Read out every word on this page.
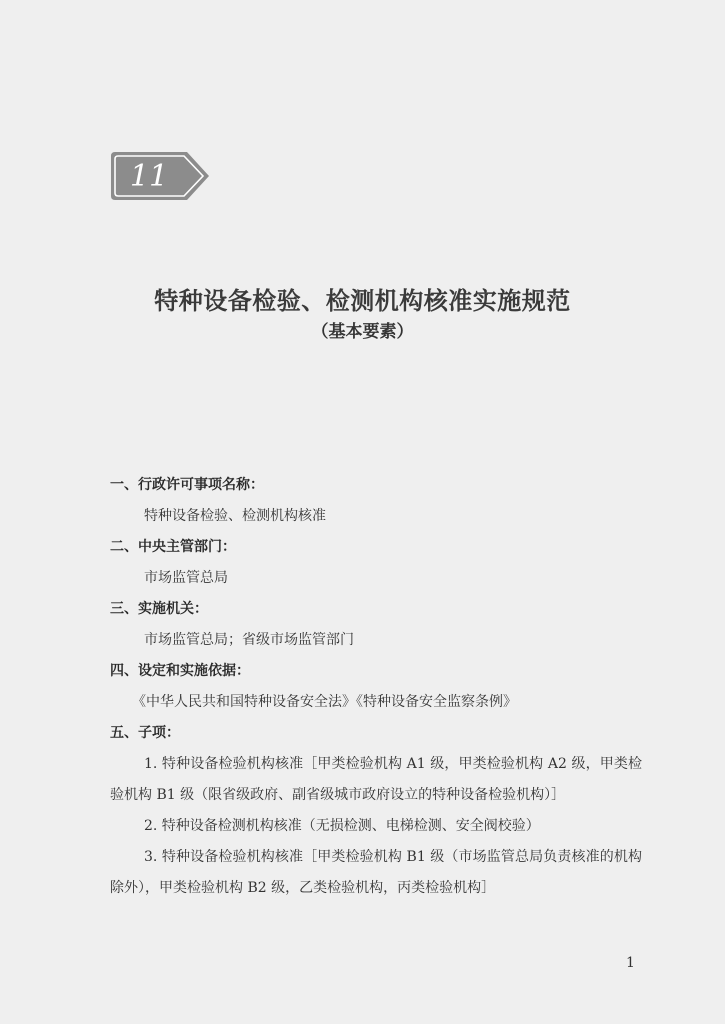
11
特种设备检验、检测机构核准实施规范
（基本要素）

一、行政许可事项名称：

特种设备检验、检测机构核准

二、中央主管部门：

市场监管总局

三、实施机关：

市场监管总局；省级市场监管部门

四、设定和实施依据：

《中华人民共和国特种设备安全法》《特种设备安全监察条例》

五、子项：

1. 特种设备检验机构核准［甲类检验机构 A1 级，甲类检验机构 A2 级，甲类检验机构 B1 级（限省级政府、副省级城市政府设立的特种设备检验机构）］

2. 特种设备检测机构核准（无损检测、电梯检测、安全阀校验）

3. 特种设备检验机构核准［甲类检验机构 B1 级（市场监管总局负责核准的机构除外），甲类检验机构 B2 级，乙类检验机构，丙类检验机构］

1
